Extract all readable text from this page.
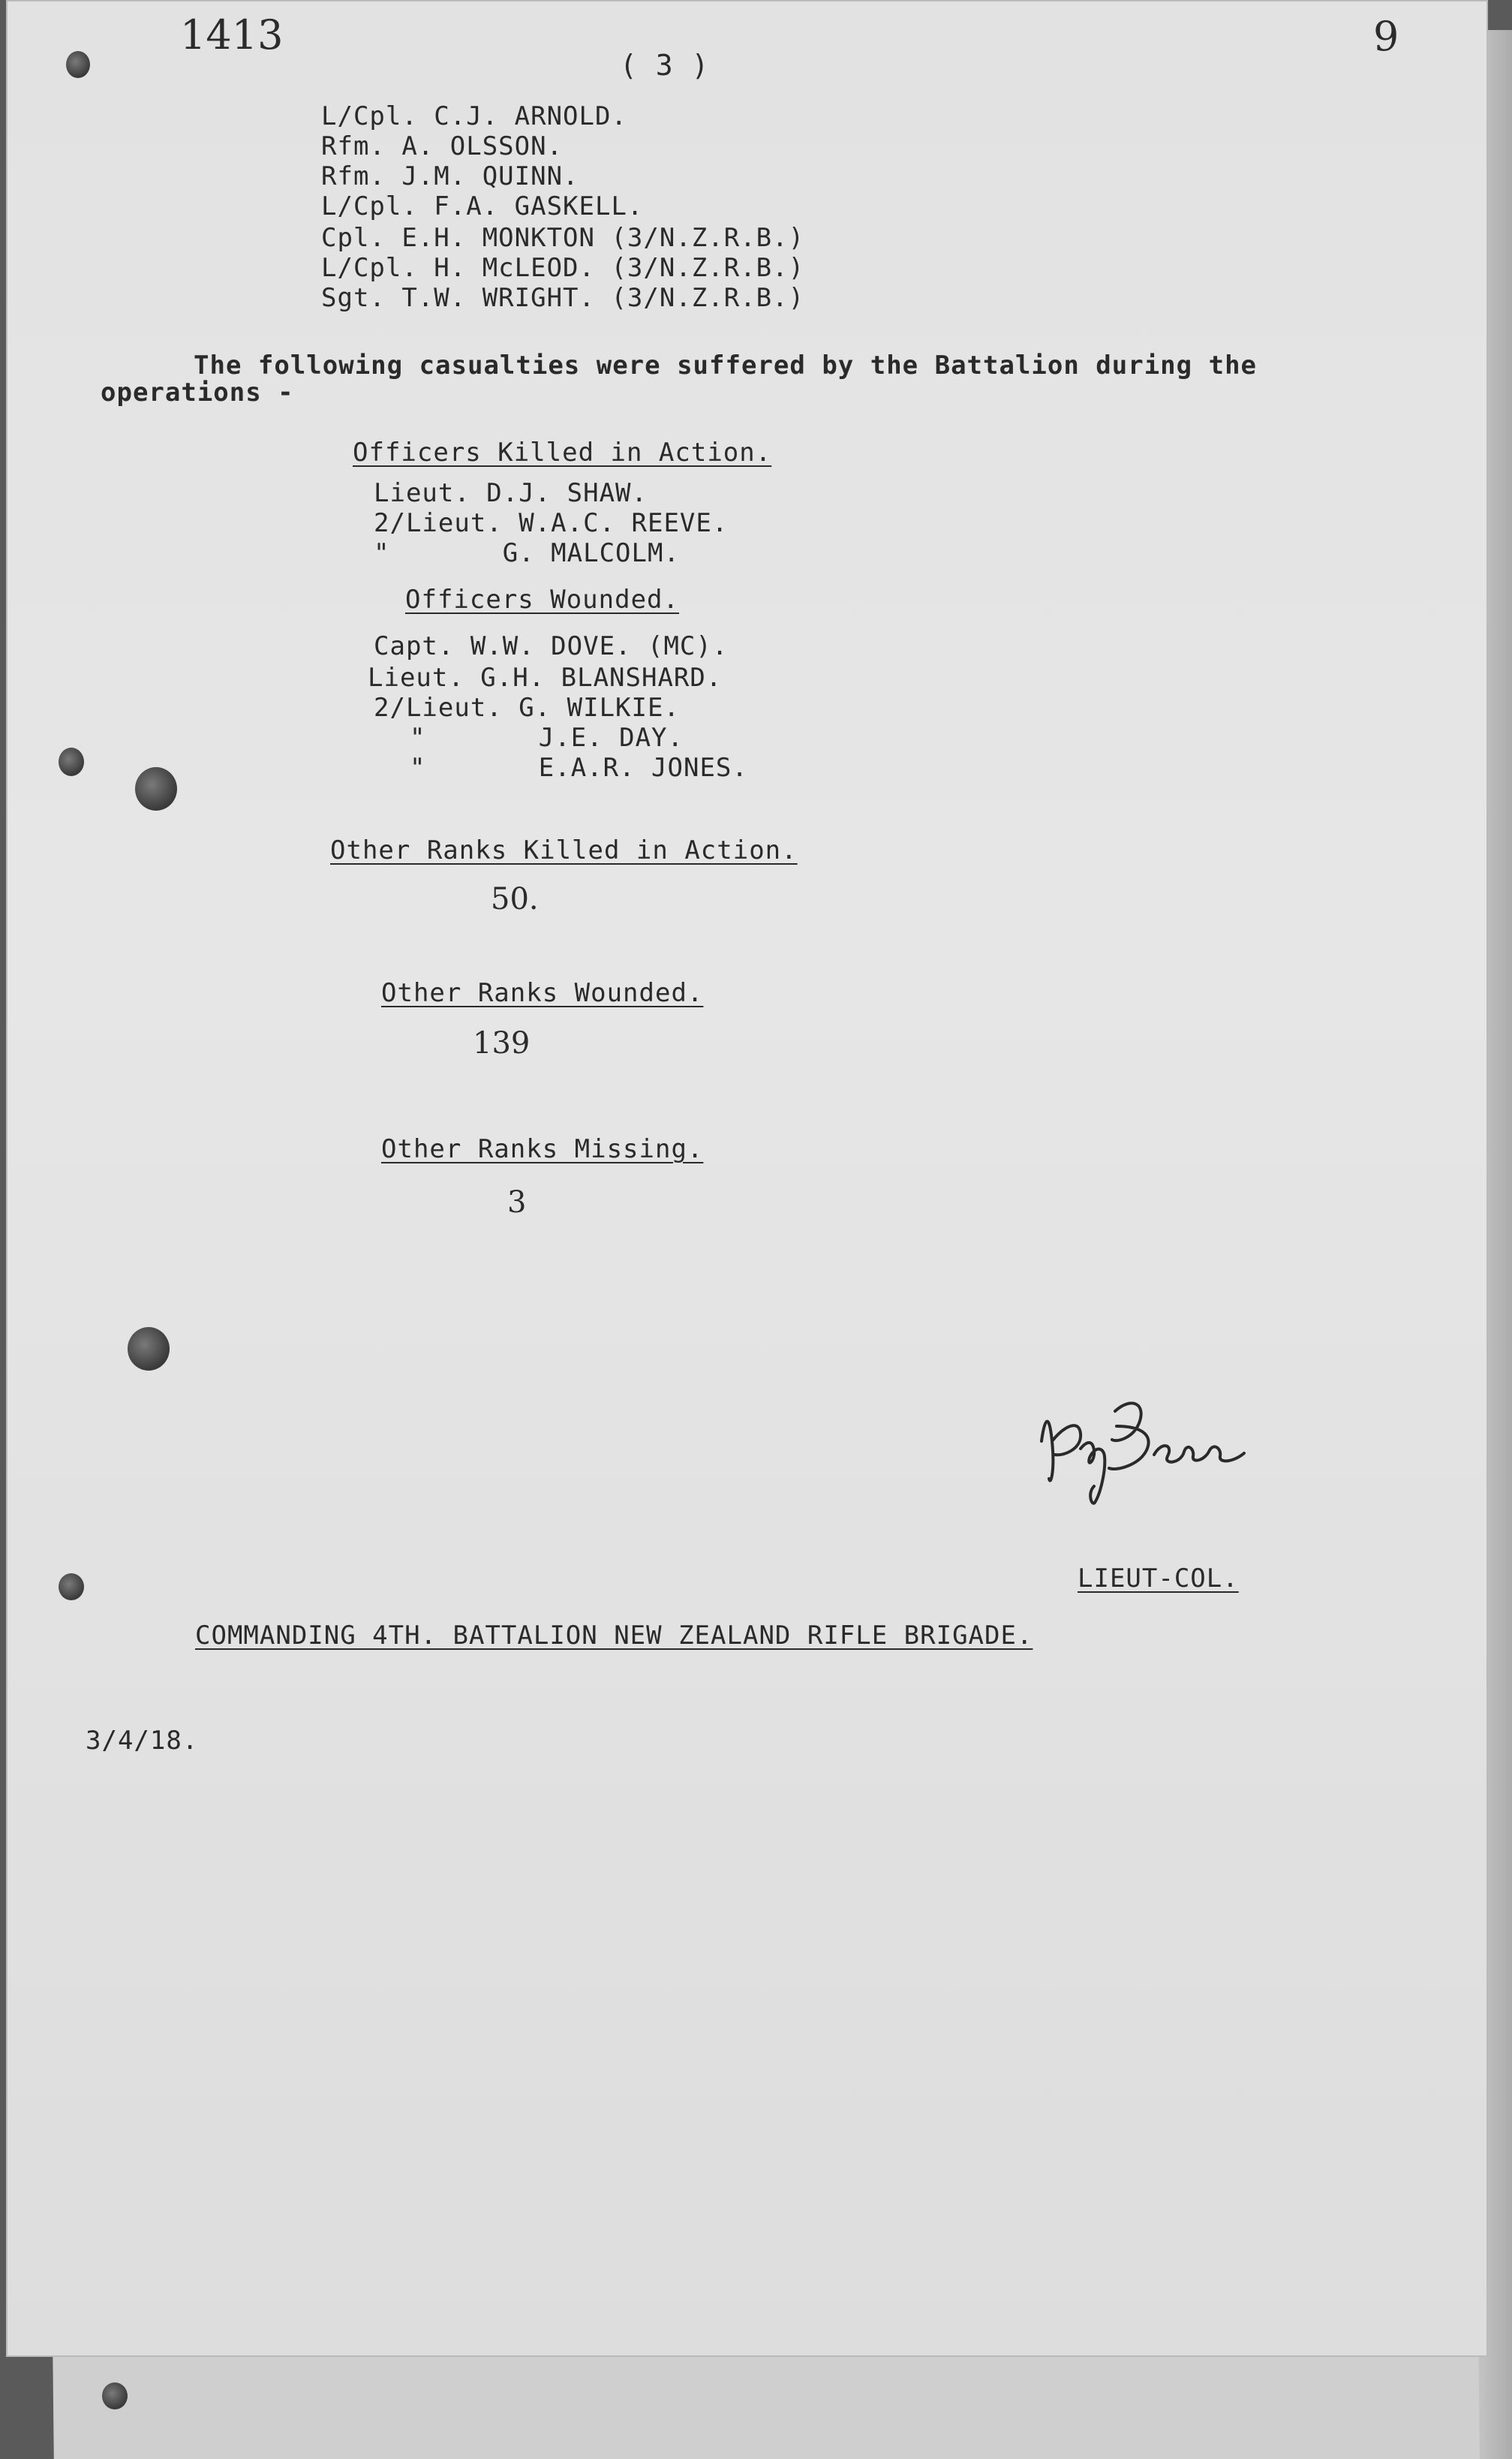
1413

( 3 )

9

L/Cpl. C.J. ARNOLD.

Rfm. A. OLSSON.

Rfm. J.M. QUINN.

L/Cpl. F.A. GASKELL.

Cpl. E.H. MONKTON (3/N.Z.R.B.)

L/Cpl. H. McLEOD. (3/N.Z.R.B.)

Sgt. T.W. WRIGHT. (3/N.Z.R.B.)

The following casualties were suffered by the Battalion during the

operations -

Officers Killed in Action.

Lieut. D.J. SHAW.

2/Lieut. W.A.C. REEVE.

"       G. MALCOLM.

Officers Wounded.

Capt. W.W. DOVE. (MC).

Lieut. G.H. BLANSHARD.

2/Lieut. G. WILKIE.

"       J.E. DAY.

"       E.A.R. JONES.

Other Ranks Killed in Action.

50.

Other Ranks Wounded.

139

Other Ranks Missing.

3

LIEUT-COL.

COMMANDING 4TH. BATTALION NEW ZEALAND RIFLE BRIGADE.

3/4/18.
